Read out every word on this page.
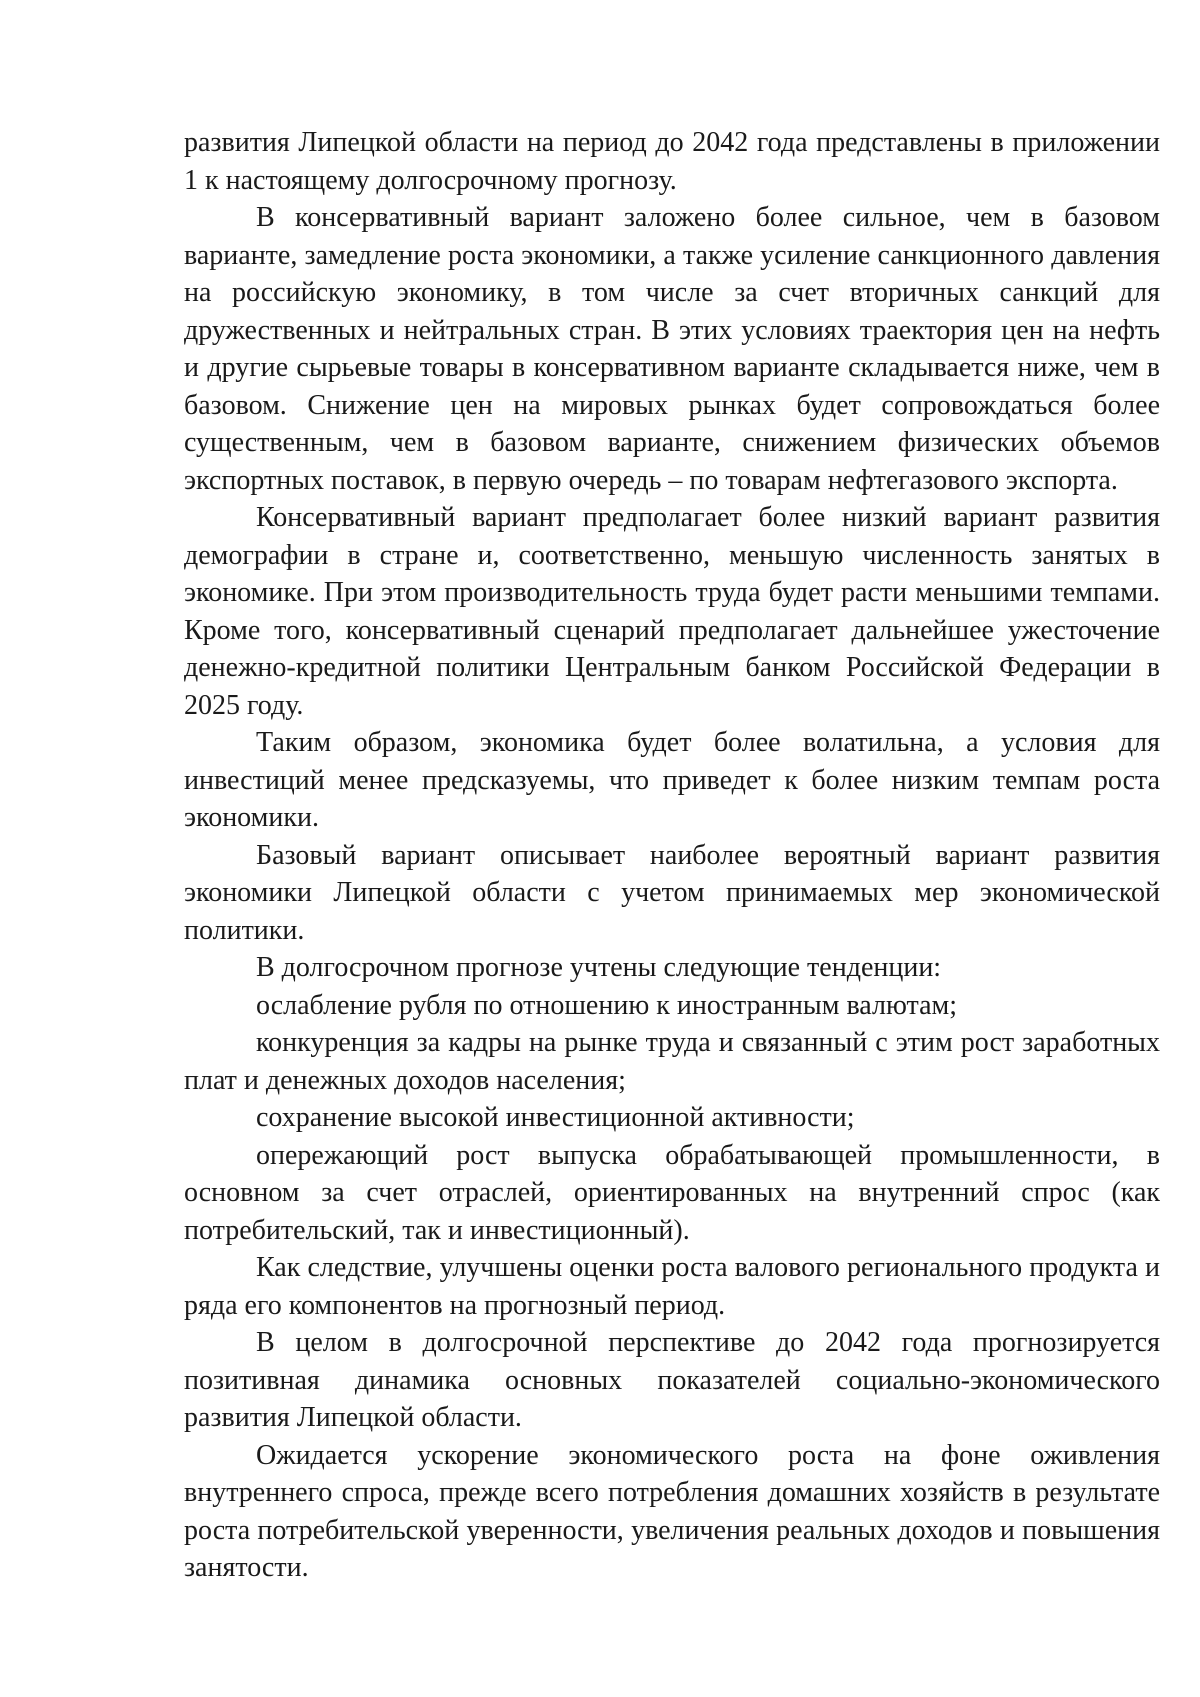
развития Липецкой области на период до 2042 года представлены в приложении 1 к настоящему долгосрочному прогнозу.

В консервативный вариант заложено более сильное, чем в базовом варианте, замедление роста экономики, а также усиление санкционного давления на российскую экономику, в том числе за счет вторичных санкций для дружественных и нейтральных стран. В этих условиях траектория цен на нефть и другие сырьевые товары в консервативном варианте складывается ниже, чем в базовом. Снижение цен на мировых рынках будет сопровождаться более существенным, чем в базовом варианте, снижением физических объемов экспортных поставок, в первую очередь – по товарам нефтегазового экспорта.

Консервативный вариант предполагает более низкий вариант развития демографии в стране и, соответственно, меньшую численность занятых в экономике. При этом производительность труда будет расти меньшими темпами. Кроме того, консервативный сценарий предполагает дальнейшее ужесточение денежно-кредитной политики Центральным банком Российской Федерации в 2025 году.

Таким образом, экономика будет более волатильна, а условия для инвестиций менее предсказуемы, что приведет к более низким темпам роста экономики.

Базовый вариант описывает наиболее вероятный вариант развития экономики Липецкой области с учетом принимаемых мер экономической политики.

В долгосрочном прогнозе учтены следующие тенденции:

ослабление рубля по отношению к иностранным валютам;

конкуренция за кадры на рынке труда и связанный с этим рост заработных плат и денежных доходов населения;

сохранение высокой инвестиционной активности;

опережающий рост выпуска обрабатывающей промышленности, в основном за счет отраслей, ориентированных на внутренний спрос (как потребительский, так и инвестиционный).

Как следствие, улучшены оценки роста валового регионального продукта и ряда его компонентов на прогнозный период.

В целом в долгосрочной перспективе до 2042 года прогнозируется позитивная динамика основных показателей социально-экономического развития Липецкой области.

Ожидается ускорение экономического роста на фоне оживления внутреннего спроса, прежде всего потребления домашних хозяйств в результате роста потребительской уверенности, увеличения реальных доходов и повышения занятости.
